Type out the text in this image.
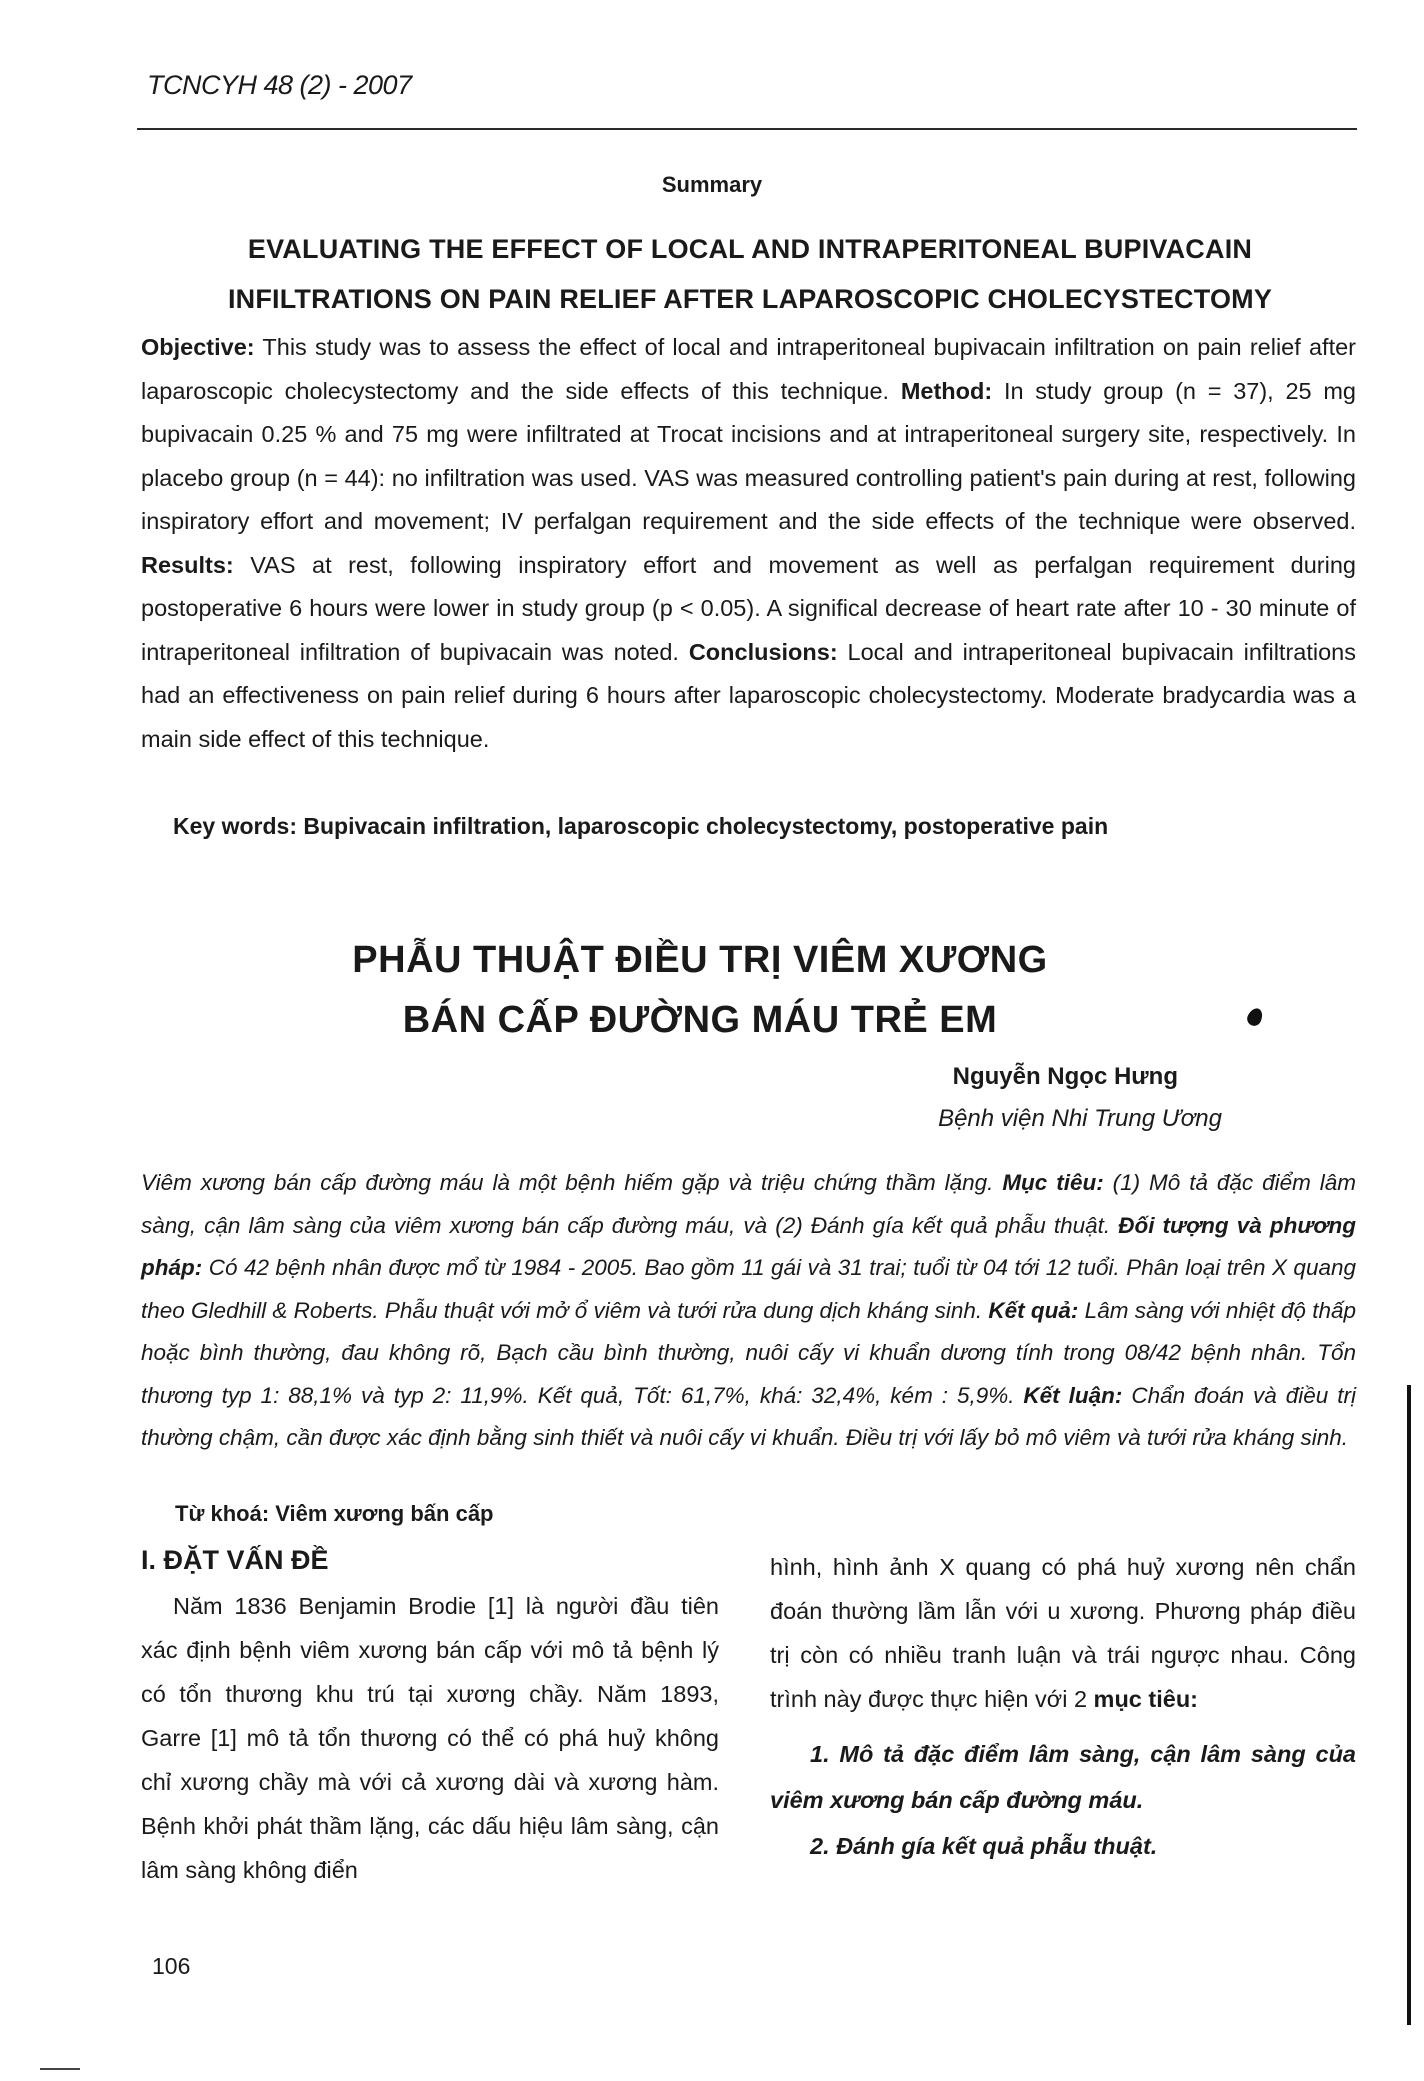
TCNCYH 48 (2) - 2007
Summary
EVALUATING THE EFFECT OF LOCAL AND INTRAPERITONEAL BUPIVACAIN
INFILTRATIONS ON PAIN RELIEF AFTER LAPAROSCOPIC CHOLECYSTECTOMY
Objective: This study was to assess the effect of local and intraperitoneal bupivacain infiltration on pain relief after laparoscopic cholecystectomy and the side effects of this technique. Method: In study group (n = 37), 25 mg bupivacain 0.25 % and 75 mg were infiltrated at Trocat incisions and at intraperitoneal surgery site, respectively. In placebo group (n = 44): no infiltration was used. VAS was measured controlling patient's pain during at rest, following inspiratory effort and movement; IV perfalgan requirement and the side effects of the technique were observed. Results: VAS at rest, following inspiratory effort and movement as well as perfalgan requirement during postoperative 6 hours were lower in study group (p < 0.05). A significal decrease of heart rate after 10 - 30 minute of intraperitoneal infiltration of bupivacain was noted. Conclusions: Local and intraperitoneal bupivacain infiltrations had an effectiveness on pain relief during 6 hours after laparoscopic cholecystectomy. Moderate bradycardia was a main side effect of this technique.
Key words: Bupivacain infiltration, laparoscopic cholecystectomy, postoperative pain
PHẪU THUẬT ĐIỀU TRỊ VIÊM XƯƠNG
BÁN CẤP ĐƯỜNG MÁU TRẺ EM
Nguyễn Ngọc Hưng
Bệnh viện Nhi Trung Ương
Viêm xương bán cấp đường máu là một bệnh hiếm gặp và triệu chứng thầm lặng. Mục tiêu: (1) Mô tả đặc điểm lâm sàng, cận lâm sàng của viêm xương bán cấp đường máu, và (2) Đánh gía kết quả phẫu thuật. Đối tượng và phương pháp: Có 42 bệnh nhân được mổ từ 1984 - 2005. Bao gồm 11 gái và 31 trai; tuổi từ 04 tới 12 tuổi. Phân loại trên X quang theo Gledhill & Roberts. Phẫu thuật với mở ổ viêm và tưới rửa dung dịch kháng sinh. Kết quả: Lâm sàng với nhiệt độ thấp hoặc bình thường, đau không rõ, Bạch cầu bình thường, nuôi cấy vi khuẩn dương tính trong 08/42 bệnh nhân. Tổn thương typ 1: 88,1% và typ 2: 11,9%. Kết quả, Tốt: 61,7%, khá: 32,4%, kém : 5,9%. Kết luận: Chẩn đoán và điều trị thường chậm, cần được xác định bằng sinh thiết và nuôi cấy vi khuẩn. Điều trị với lấy bỏ mô viêm và tưới rửa kháng sinh.
Từ khoá: Viêm xương bấn cấp
I. ĐẶT VẤN ĐỀ

Năm 1836 Benjamin Brodie [1] là người đầu tiên xác định bệnh viêm xương bán cấp với mô tả bệnh lý có tổn thương khu trú tại xương chầy. Năm 1893, Garre [1] mô tả tổn thương có thể có phá huỷ không chỉ xương chầy mà với cả xương dài và xương hàm. Bệnh khởi phát thầm lặng, các dấu hiệu lâm sàng, cận lâm sàng không điển

hình, hình ảnh X quang có phá huỷ xương nên chẩn đoán thường lầm lẫn với u xương. Phương pháp điều trị còn có nhiều tranh luận và trái ngược nhau. Công trình này được thực hiện với 2 mục tiêu:

1. Mô tả đặc điểm lâm sàng, cận lâm sàng của viêm xương bán cấp đường máu.

2. Đánh gía kết quả phẫu thuật.

106
